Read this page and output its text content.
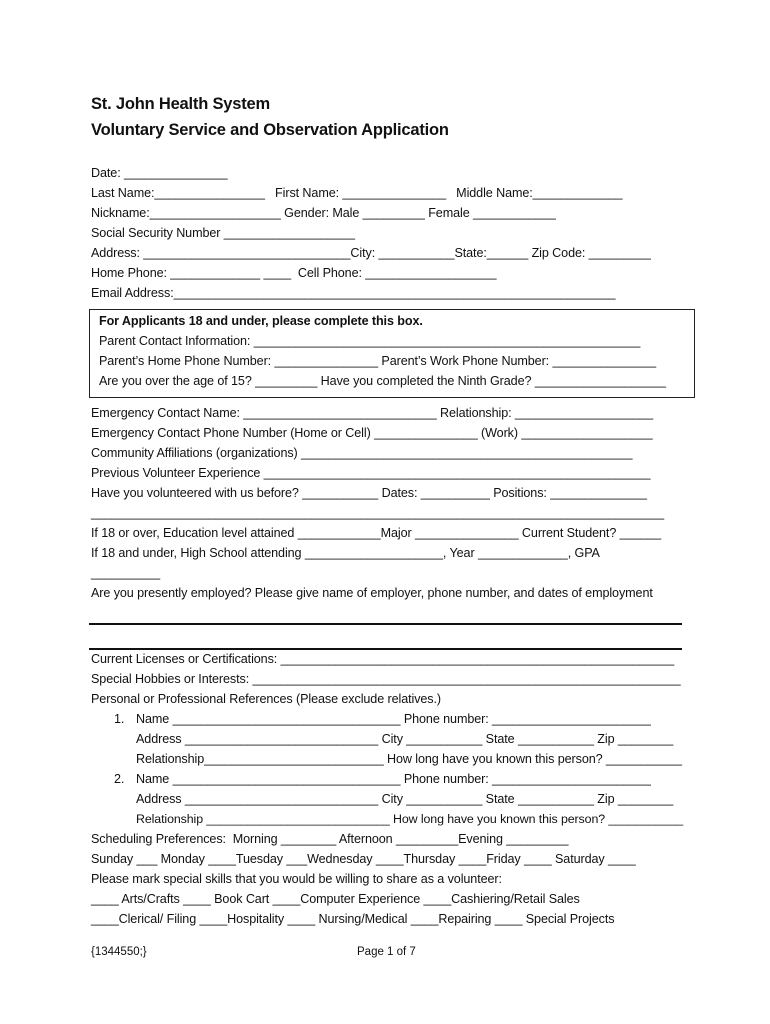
St. John Health System
Voluntary Service and Observation Application
Date: _______________
Last Name:________________   First Name: _______________   Middle Name:_____________
Nickname:___________________ Gender: Male _________ Female ____________
Social Security Number ___________________
Address: ______________________________City: ___________State:______ Zip Code: _________
Home Phone: _____________ ____  Cell Phone: ___________________
Email Address:________________________________________________________________
For Applicants 18 and under, please complete this box.
Parent Contact Information: ________________________________________________________
Parent’s Home Phone Number: _______________ Parent’s Work Phone Number: _______________
Are you over the age of 15? _________ Have you completed the Ninth Grade? ___________________
Emergency Contact Name: ____________________________ Relationship: ____________________
Emergency Contact Phone Number (Home or Cell) _______________ (Work) ___________________
Community Affiliations (organizations) ________________________________________________
Previous Volunteer Experience ________________________________________________________
Have you volunteered with us before? ___________ Dates: __________ Positions: ______________
___________________________________________________________________________________
If 18 or over, Education level attained ____________Major _______________ Current Student? ______
If 18 and under, High School attending ____________________, Year _____________, GPA
__________
Are you presently employed? Please give name of employer, phone number, and dates of employment
Current Licenses or Certifications: _________________________________________________________
Special Hobbies or Interests: ______________________________________________________________
Personal or Professional References (Please exclude relatives.)
1. Name _________________________________ Phone number: _______________________
Address ____________________________ City ___________ State ___________ Zip ________
Relationship__________________________ How long have you known this person? ___________
2. Name _________________________________ Phone number: _______________________
Address ____________________________ City ___________ State ___________ Zip ________
Relationship ___________________________ How long have you known this person? ___________
Scheduling Preferences:  Morning ________ Afternoon _________Evening _________
Sunday ___ Monday ____Tuesday ___Wednesday ____Thursday ____Friday ____ Saturday ____
Please mark special skills that you would be willing to share as a volunteer:
____ Arts/Crafts ____ Book Cart ____Computer Experience ____Cashiering/Retail Sales
____Clerical/ Filing ____Hospitality ____ Nursing/Medical ____Repairing ____ Special Projects
{1344550;}	Page 1 of 7
